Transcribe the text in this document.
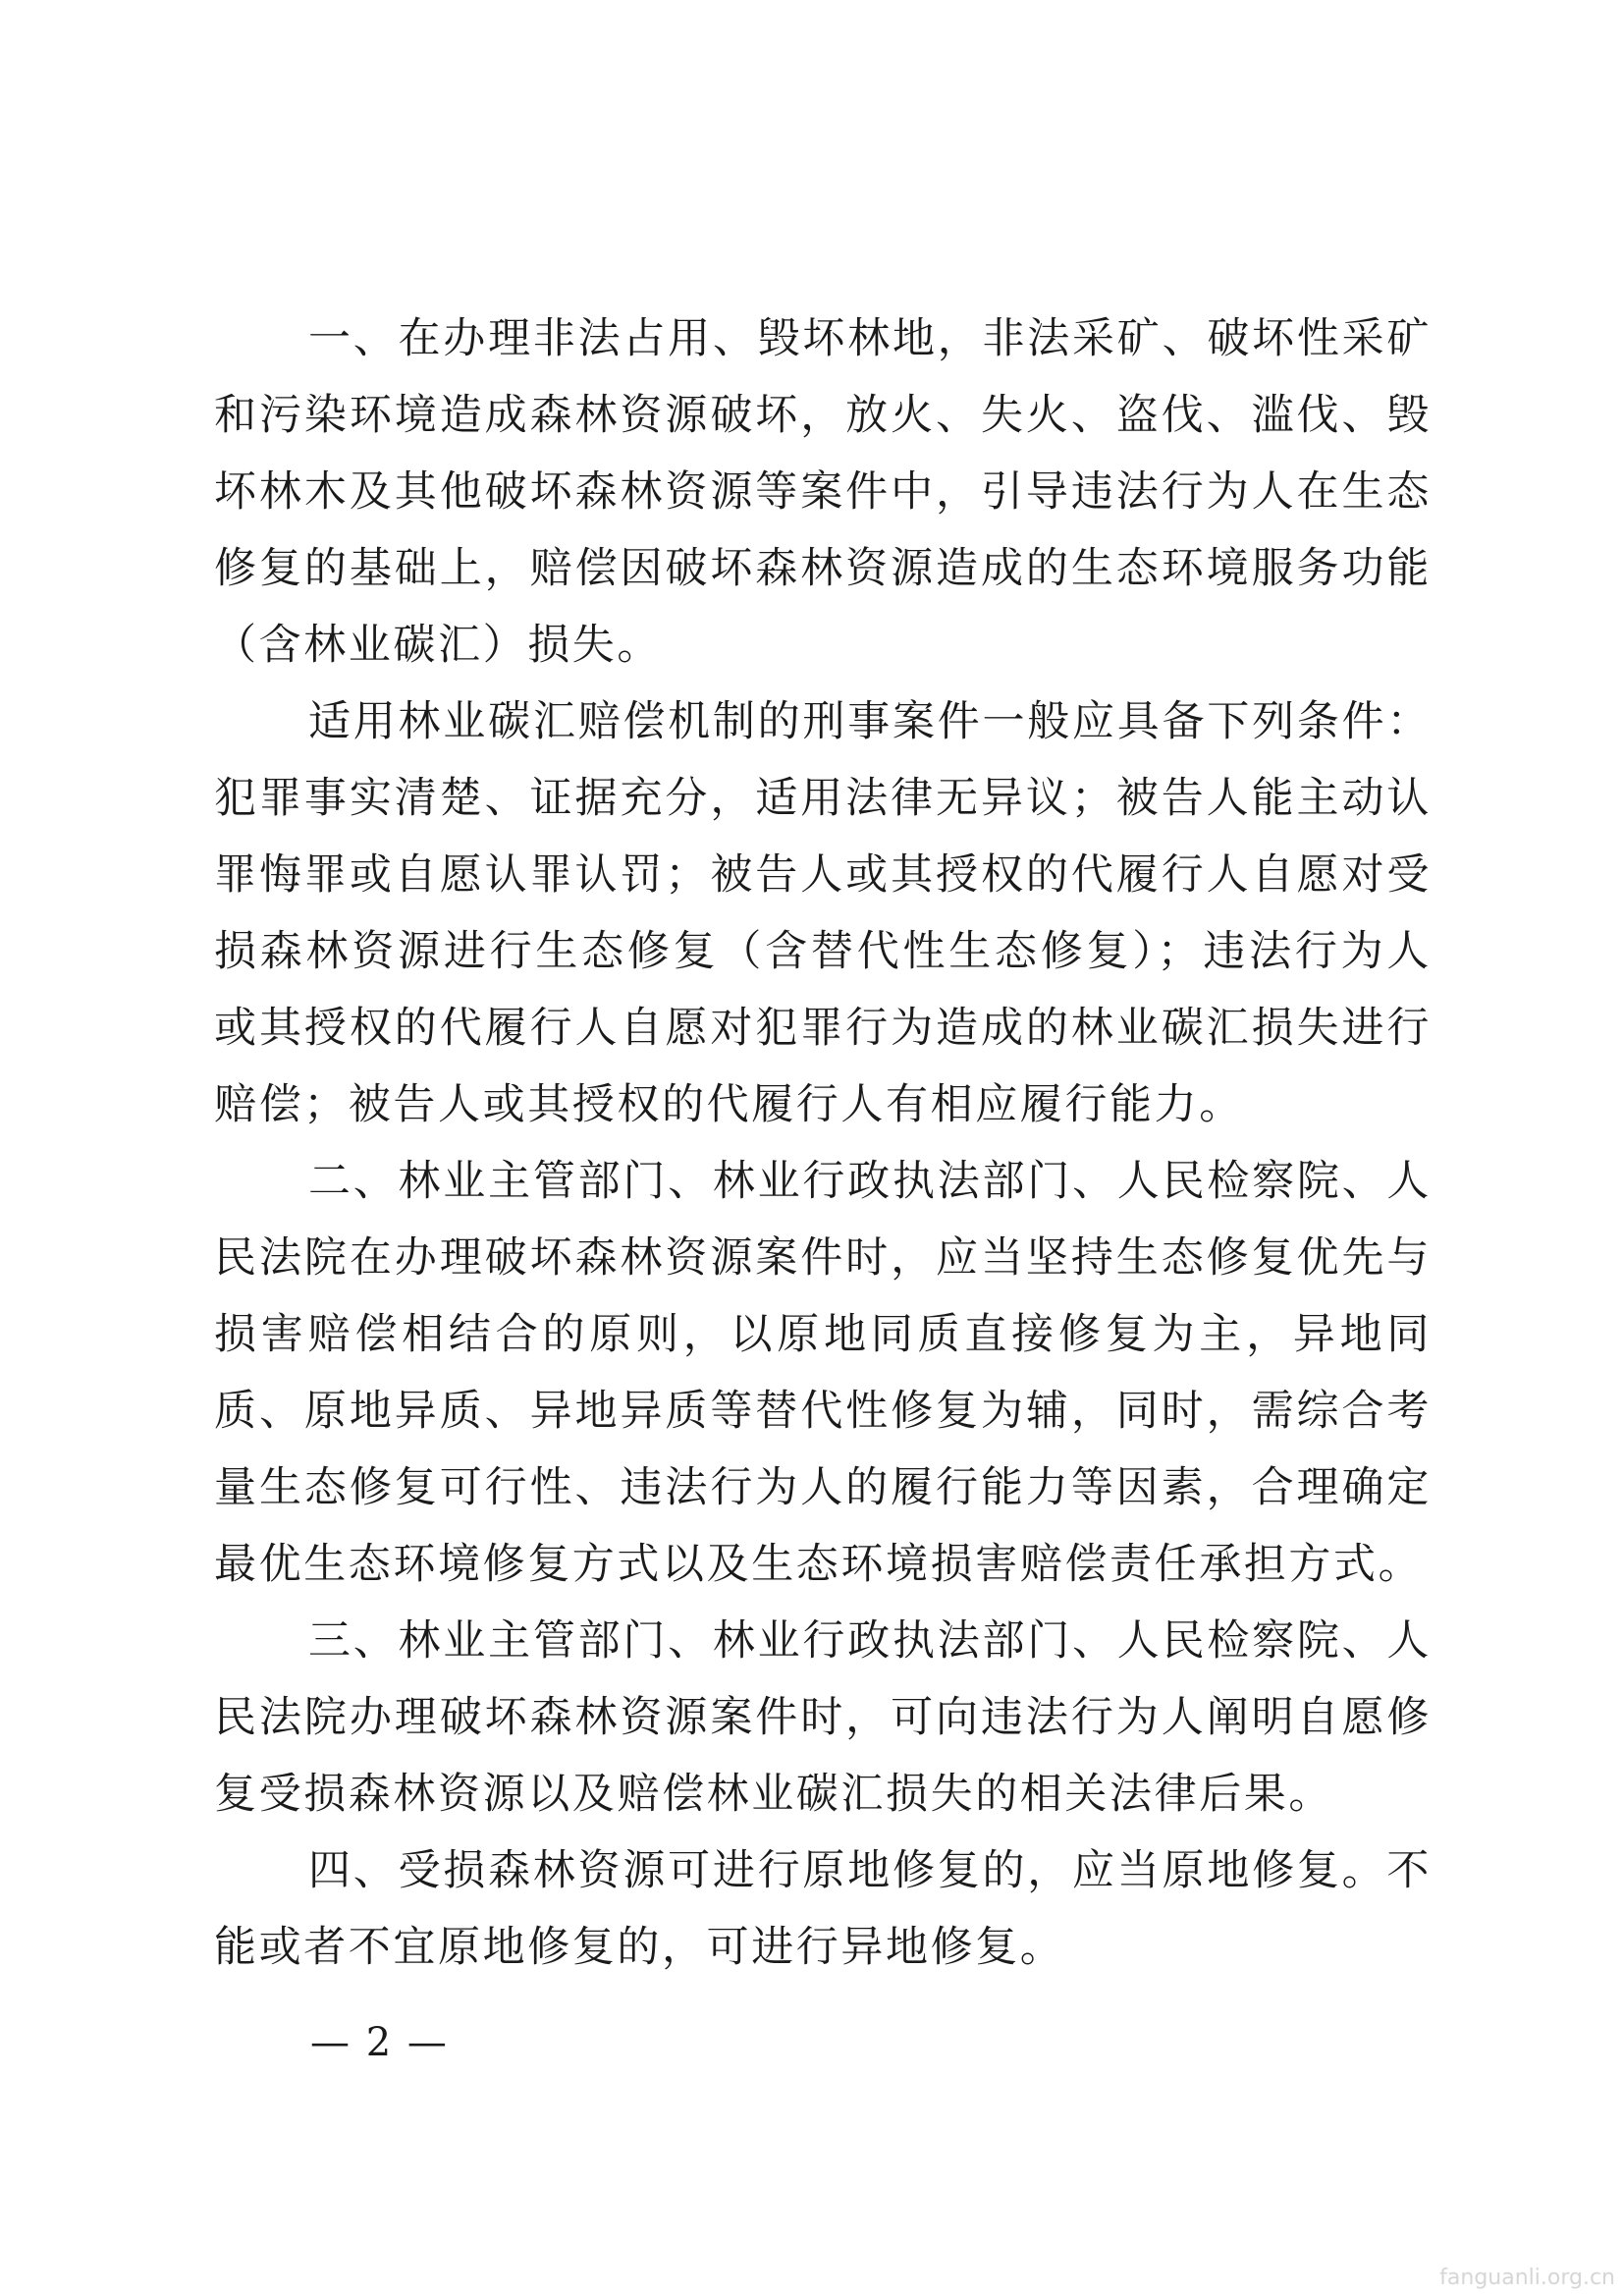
一、在办理非法占用、毁坏林地，非法采矿、破坏性采矿和污染环境造成森林资源破坏，放火、失火、盗伐、滥伐、毁坏林木及其他破坏森林资源等案件中，引导违法行为人在生态修复的基础上，赔偿因破坏森林资源造成的生态环境服务功能（含林业碳汇）损失。

适用林业碳汇赔偿机制的刑事案件一般应具备下列条件：犯罪事实清楚、证据充分，适用法律无异议；被告人能主动认罪悔罪或自愿认罪认罚；被告人或其授权的代履行人自愿对受损森林资源进行生态修复（含替代性生态修复）；违法行为人或其授权的代履行人自愿对犯罪行为造成的林业碳汇损失进行赔偿；被告人或其授权的代履行人有相应履行能力。

二、林业主管部门、林业行政执法部门、人民检察院、人民法院在办理破坏森林资源案件时，应当坚持生态修复优先与损害赔偿相结合的原则，以原地同质直接修复为主，异地同质、原地异质、异地异质等替代性修复为辅，同时，需综合考量生态修复可行性、违法行为人的履行能力等因素，合理确定最优生态环境修复方式以及生态环境损害赔偿责任承担方式。

三、林业主管部门、林业行政执法部门、人民检察院、人民法院办理破坏森林资源案件时，可向违法行为人阐明自愿修复受损森林资源以及赔偿林业碳汇损失的相关法律后果。

四、受损森林资源可进行原地修复的，应当原地修复。不能或者不宜原地修复的，可进行异地修复。

— 2 —
fanguanli.org.cn
